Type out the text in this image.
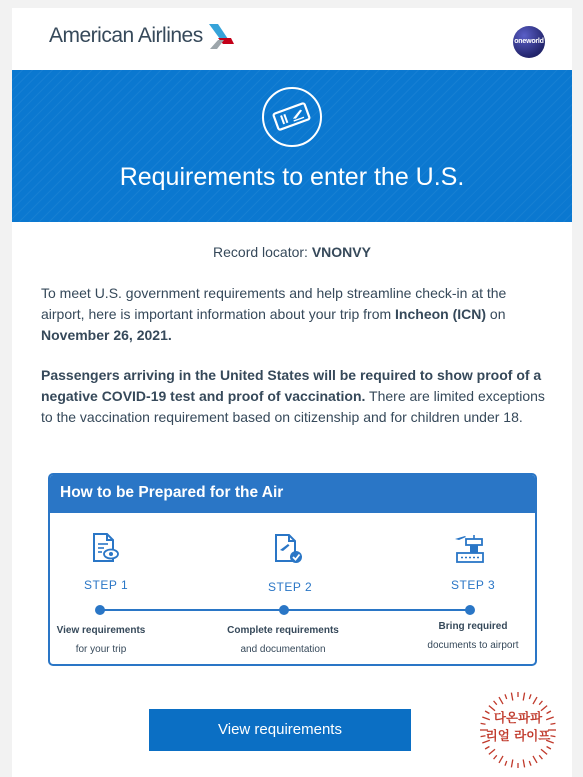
American Airlines	oneworld
Requirements to enter the U.S.
Record locator: VNONVY
To meet U.S. government requirements and help streamline check-in at the airport, here is important information about your trip from Incheon (ICN) on November 26, 2021.
Passengers arriving in the United States will be required to show proof of a negative COVID-19 test and proof of vaccination. There are limited exceptions to the vaccination requirement based on citizenship and for children under 18.
How to be Prepared for the Air
STEP 1	STEP 2	STEP 3
View requirements
for your trip
Complete requirements
and documentation
Bring required
documents to airport
View requirements
다온파파
리얼 라이프
